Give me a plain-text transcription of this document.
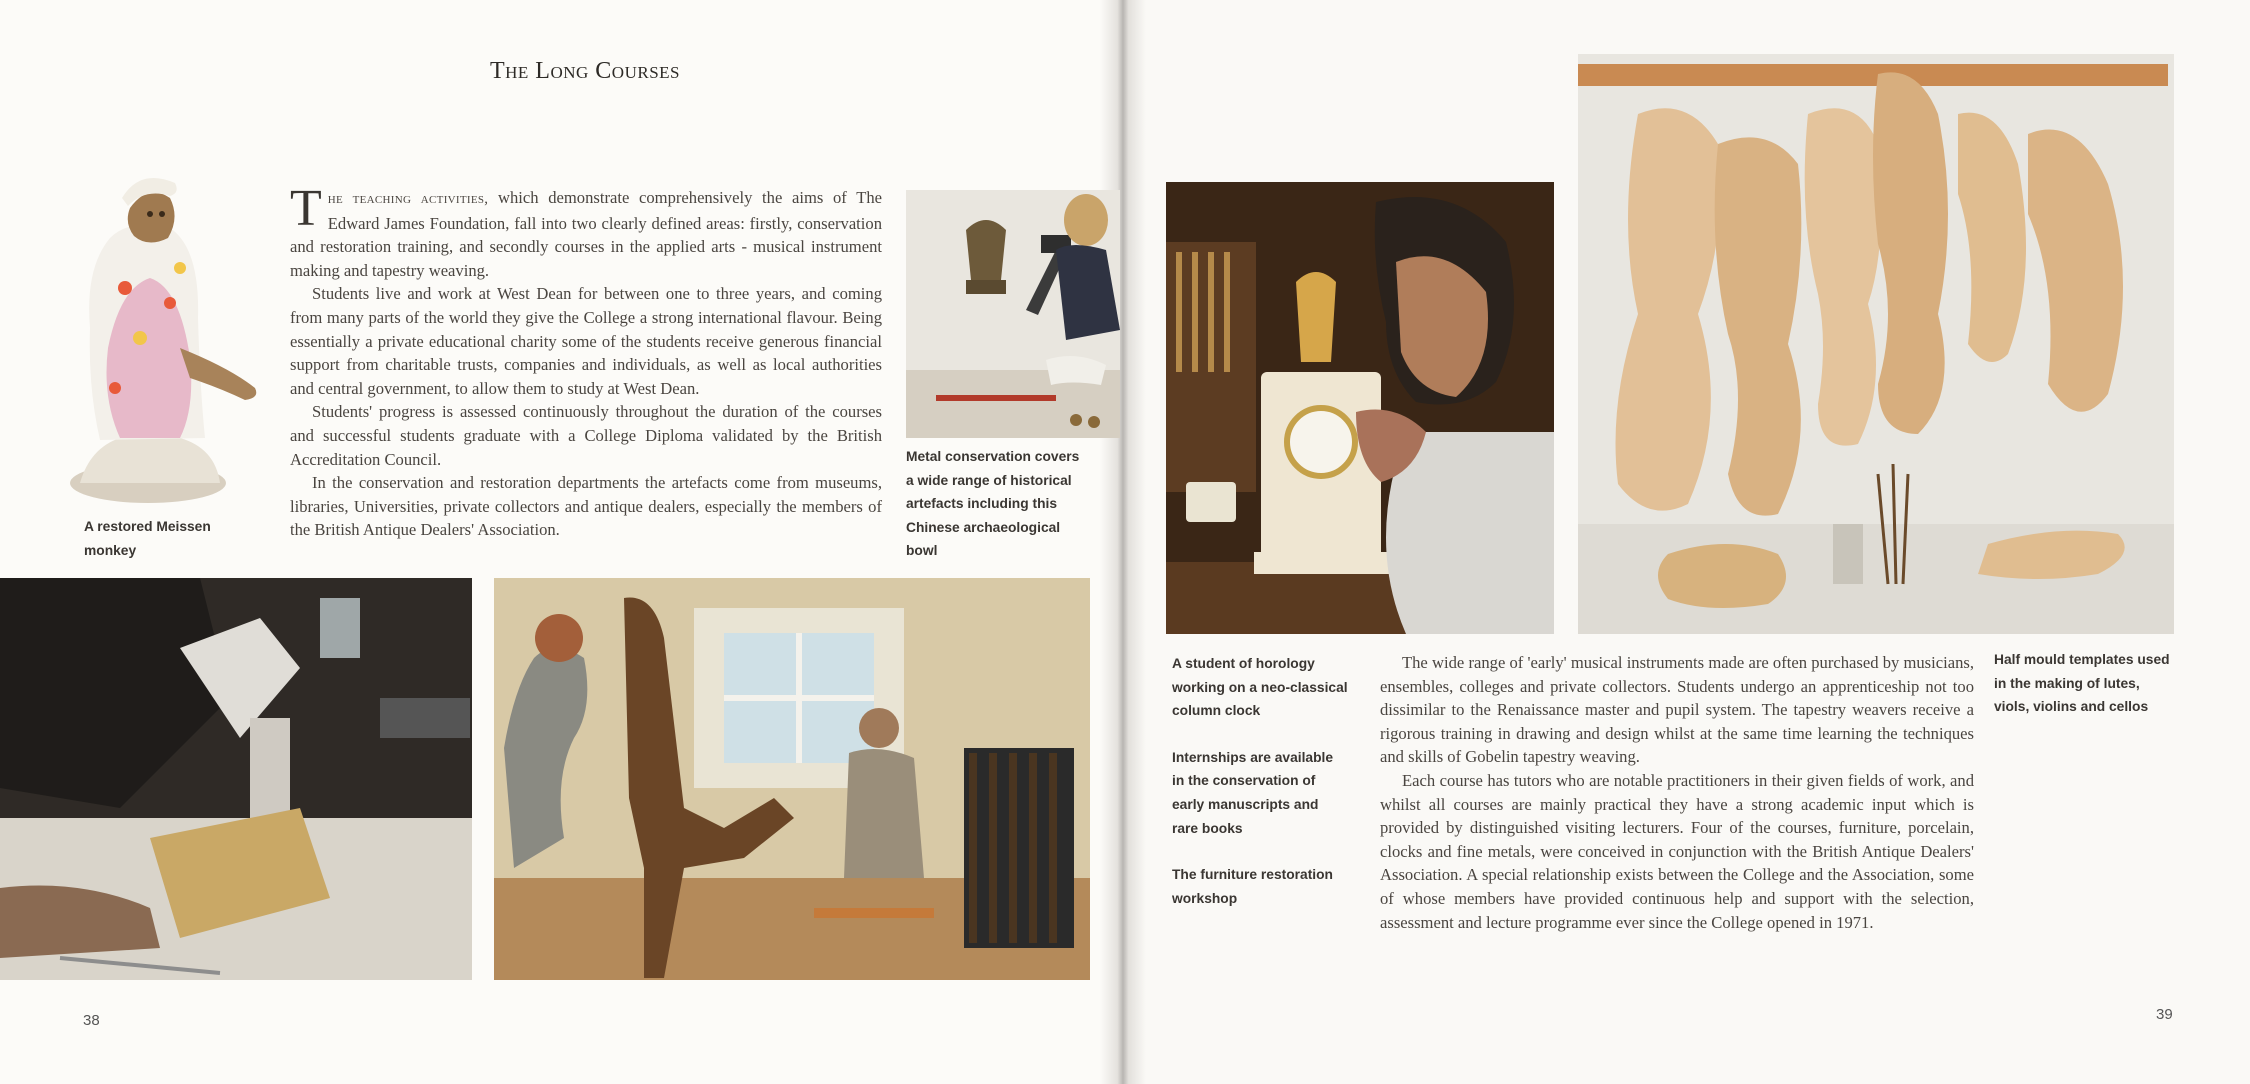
The Long Courses
A restored Meissen monkey

The teaching activities, which demonstrate comprehensively the aims of The Edward James Foundation, fall into two clearly defined areas: firstly, conservation and restoration training, and secondly courses in the applied arts - musical instrument making and tapestry weaving.

Students live and work at West Dean for between one to three years, and coming from many parts of the world they give the College a strong international flavour. Being essentially a private educational charity some of the students receive generous financial support from charitable trusts, companies and individuals, as well as local authorities and central government, to allow them to study at West Dean.

Students' progress is assessed continuously throughout the duration of the courses and successful students graduate with a College Diploma validated by the British Accreditation Council.

In the conservation and restoration departments the artefacts come from museums, libraries, Universities, private collectors and antique dealers, especially the members of the British Antique Dealers' Association.

Metal conservation covers a wide range of historical artefacts including this Chinese archaeological bowl
38
A student of horology working on a neo-classical column clock
Internships are available in the conservation of early manuscripts and rare books
The furniture restoration workshop

The wide range of 'early' musical instruments made are often purchased by musicians, ensembles, colleges and private collectors. Students undergo an apprenticeship not too dissimilar to the Renaissance master and pupil system. The tapestry weavers receive a rigorous training in drawing and design whilst at the same time learning the techniques and skills of Gobelin tapestry weaving.

Each course has tutors who are notable practitioners in their given fields of work, and whilst all courses are mainly practical they have a strong academic input which is provided by distinguished visiting lecturers. Four of the courses, furniture, porcelain, clocks and fine metals, were conceived in conjunction with the British Antique Dealers' Association. A special relationship exists between the College and the Association, some of whose members have provided continuous help and support with the selection, assessment and lecture programme ever since the College opened in 1971.

Half mould templates used in the making of lutes, viols, violins and cellos
39
